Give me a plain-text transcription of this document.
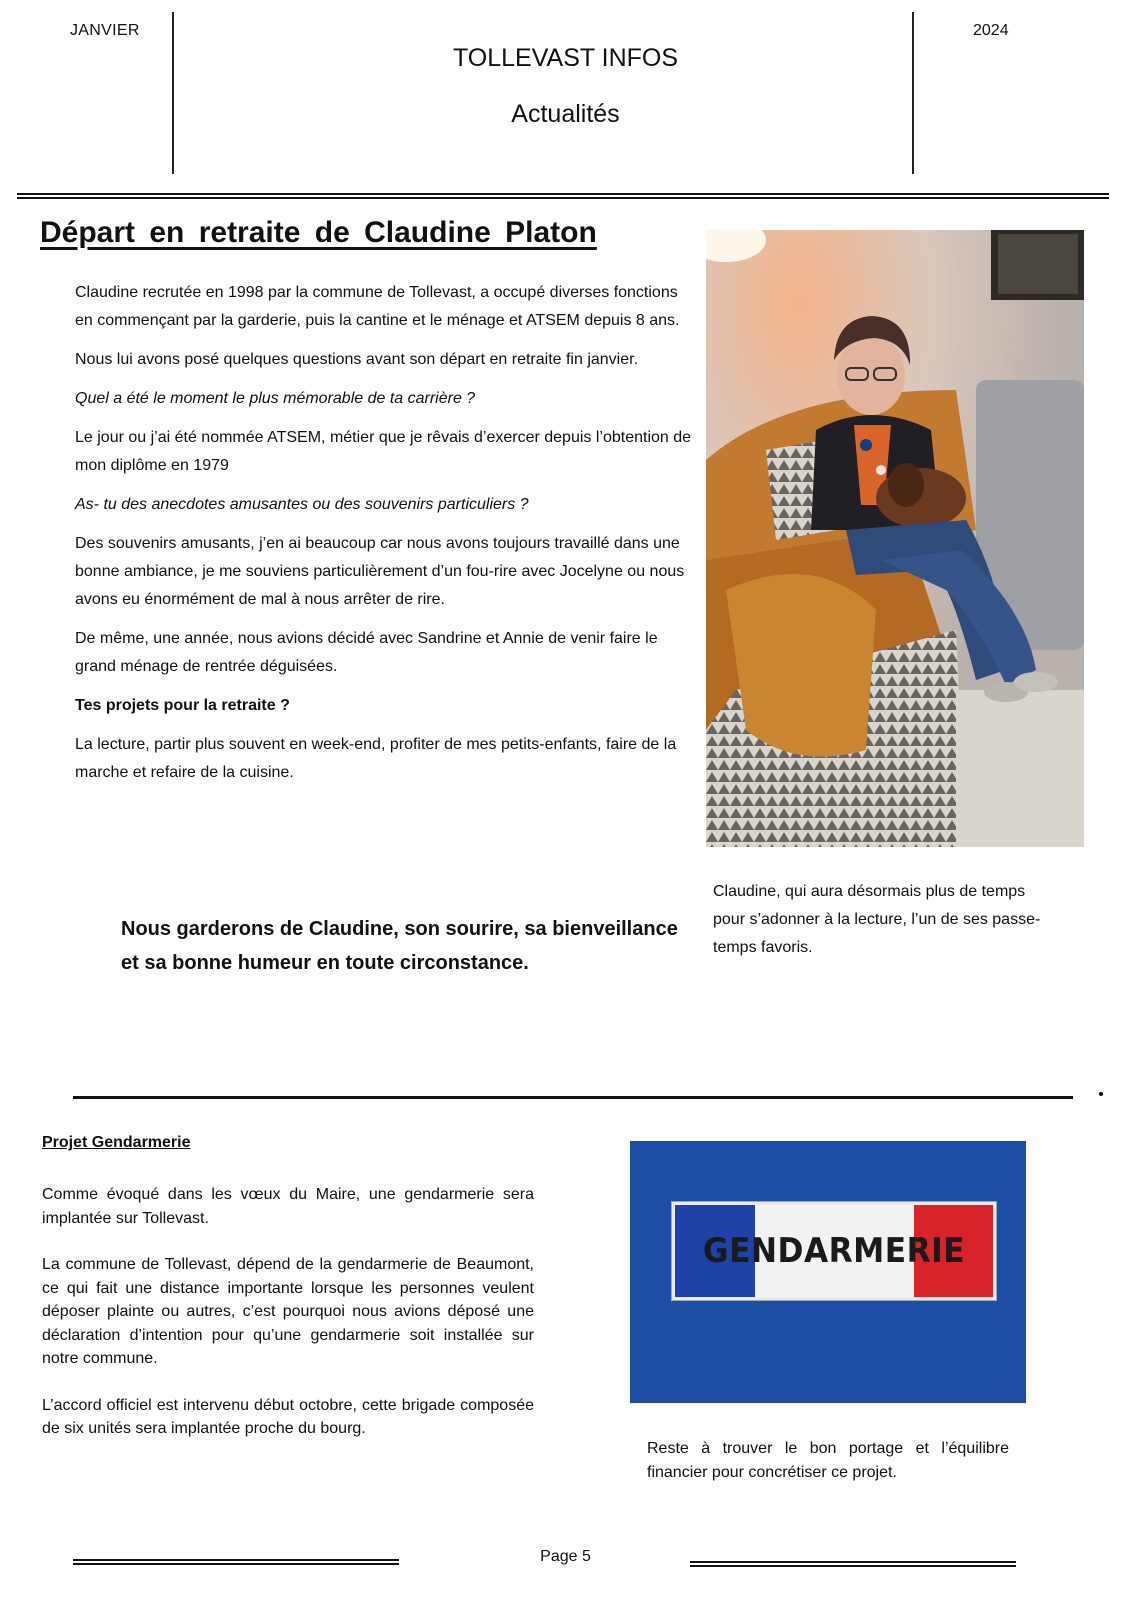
JANVIER
TOLLEVAST INFOS
Actualités
2024
Départ en retraite de Claudine Platon

Claudine recrutée en 1998 par la commune de Tollevast, a occupé diverses fonctions en commençant par la garderie, puis la cantine et le ménage et ATSEM depuis 8 ans.

Nous lui avons posé quelques questions avant son départ en retraite fin janvier.

Quel a été le moment le plus mémorable de ta carrière ?

Le jour ou j’ai été nommée ATSEM, métier que je rêvais d’exercer depuis l’obtention de mon diplôme en 1979

As- tu des anecdotes amusantes ou des souvenirs particuliers ?

Des souvenirs amusants, j’en ai beaucoup car nous avons toujours travaillé dans une bonne ambiance, je me souviens particulièrement d’un fou-rire avec Jocelyne ou nous avons eu énormément de mal à nous arrêter de rire.

De même, une année, nous avions décidé avec Sandrine et Annie de venir faire le grand ménage de rentrée déguisées.

Tes projets pour la retraite ?

La lecture, partir plus souvent en week-end, profiter de mes petits-enfants, faire de la marche et refaire de la cuisine.

Nous garderons de Claudine, son sourire, sa bienveillance et sa bonne humeur en toute circonstance.
Claudine, qui aura désormais plus de temps pour s’adonner à la lecture, l’un de ses passe-temps favoris.
Projet Gendarmerie

Comme évoqué dans les vœux du Maire, une gendarmerie sera implantée sur Tollevast.

La commune de Tollevast, dépend de la gendarmerie de Beaumont, ce qui fait une distance importante lorsque les personnes veulent déposer plainte ou autres, c’est pourquoi nous avions déposé une déclaration d’intention pour qu’une gendarmerie soit installée sur notre commune.

L’accord officiel est intervenu début octobre, cette brigade composée de six unités sera implantée proche du bourg.

GENDARMERIE
Reste à trouver le bon portage et l’équilibre financier pour concrétiser ce projet.
Page 5
